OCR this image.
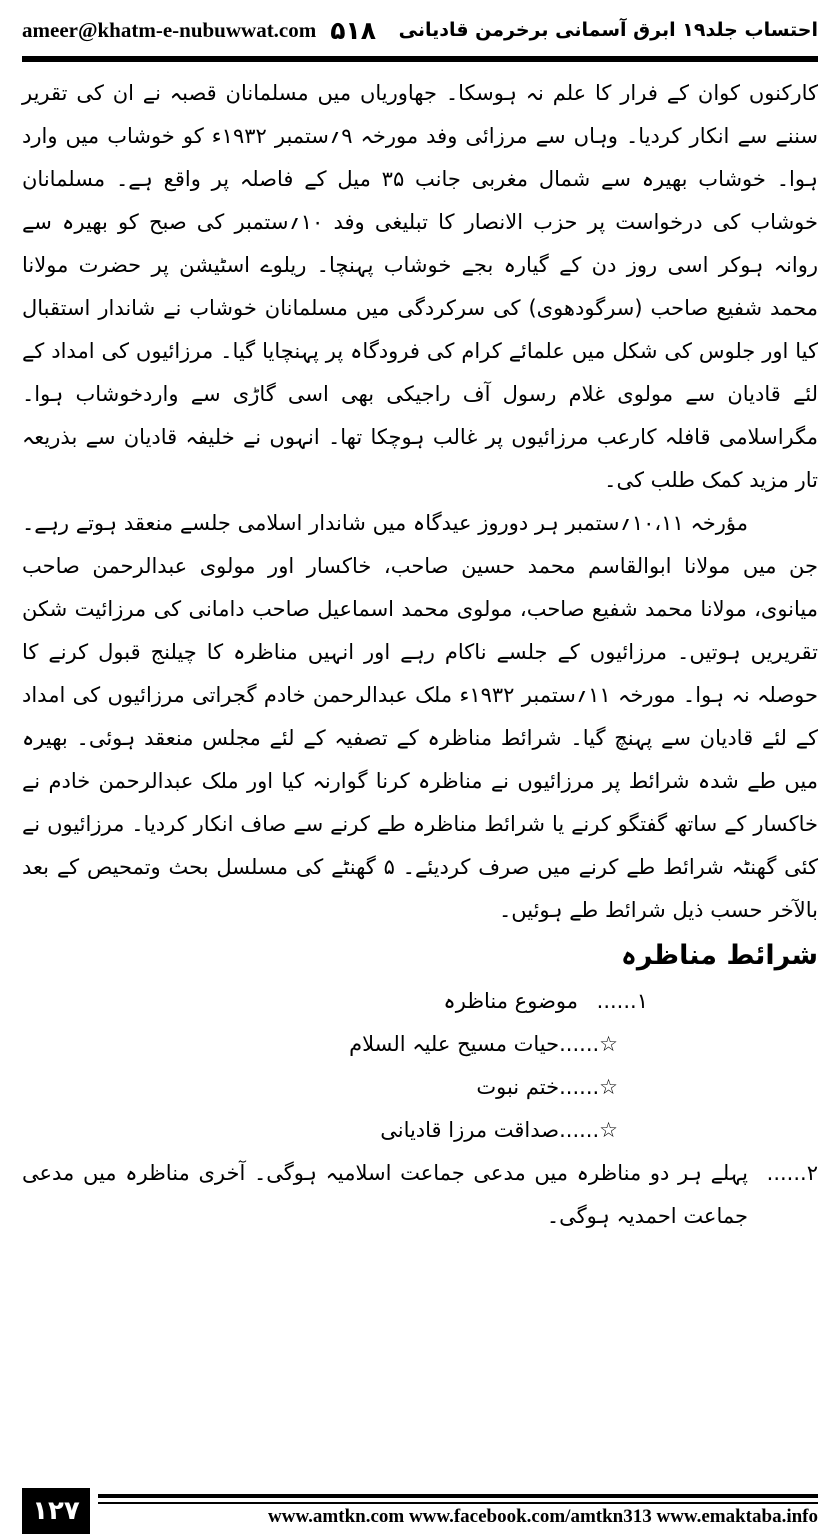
ameer@khatm-e-nubuwwat.com ۵۱۸ احتساب جلد۱۹ ابرق آسمانی برخرمن قادیانی

کارکنوں کوان کے فرار کا علم نہ ہوسکا۔ جھاوریاں میں مسلمانان قصبہ نے ان کی تقریر سننے سے انکار کردیا۔ وہاں سے مرزائی وفد مورخہ ۹؍ستمبر ۱۹۳۲ء کو خوشاب میں وارد ہوا۔ خوشاب بھیرہ سے شمال مغربی جانب ۳۵ میل کے فاصلہ پر واقع ہے۔ مسلمانان خوشاب کی درخواست پر حزب الانصار کا تبلیغی وفد ۱۰؍ستمبر کی صبح کو بھیرہ سے روانہ ہوکر اسی روز دن کے گیارہ بجے خوشاب پہنچا۔ ریلوے اسٹیشن پر حضرت مولانا محمد شفیع صاحب (سرگودھوی) کی سرکردگی میں مسلمانان خوشاب نے شاندار استقبال کیا اور جلوس کی شکل میں علمائے کرام کی فرودگاہ پر پہنچایا گیا۔ مرزائیوں کی امداد کے لئے قادیان سے مولوی غلام رسول آف راجیکی بھی اسی گاڑی سے واردخوشاب ہوا۔ مگراسلامی قافلہ کارعب مرزائیوں پر غالب ہوچکا تھا۔ انہوں نے خلیفہ قادیان سے بذریعہ تار مزید کمک طلب کی۔

مؤرخہ ۱۰،۱۱؍ستمبر ہر دوروز عیدگاہ میں شاندار اسلامی جلسے منعقد ہوتے رہے۔ جن میں مولانا ابوالقاسم محمد حسین صاحب، خاکسار اور مولوی عبدالرحمن صاحب میانوی، مولانا محمد شفیع صاحب، مولوی محمد اسماعیل صاحب دامانی کی مرزائیت شکن تقریریں ہوتیں۔ مرزائیوں کے جلسے ناکام رہے اور انہیں مناظرہ کا چیلنج قبول کرنے کا حوصلہ نہ ہوا۔ مورخہ ۱۱؍ستمبر ۱۹۳۲ء ملک عبدالرحمن خادم گجراتی مرزائیوں کی امداد کے لئے قادیان سے پہنچ گیا۔ شرائط مناظرہ کے تصفیہ کے لئے مجلس منعقد ہوئی۔ بھیرہ میں طے شدہ شرائط پر مرزائیوں نے مناظرہ کرنا گوارنہ کیا اور ملک عبدالرحمن خادم نے خاکسار کے ساتھ گفتگو کرنے یا شرائط مناظرہ طے کرنے سے صاف انکار کردیا۔ مرزائیوں نے کئی گھنٹہ شرائط طے کرنے میں صرف کردیئے۔ ۵ گھنٹے کی مسلسل بحث وتمحیص کے بعد بالآخر حسب ذیل شرائط طے ہوئیں۔

شرائط مناظرہ
۱......
موضوع مناظرہ
☆......حیات مسیح علیہ السلام
☆......ختم نبوت
☆......صداقت مرزا قادیانی
۲......
پہلے ہر دو مناظرہ میں مدعی جماعت اسلامیہ ہوگی۔ آخری مناظرہ میں مدعی جماعت احمدیہ ہوگی۔
۱۲۷	www.amtkn.com www.facebook.com/amtkn313 www.emaktaba.info
